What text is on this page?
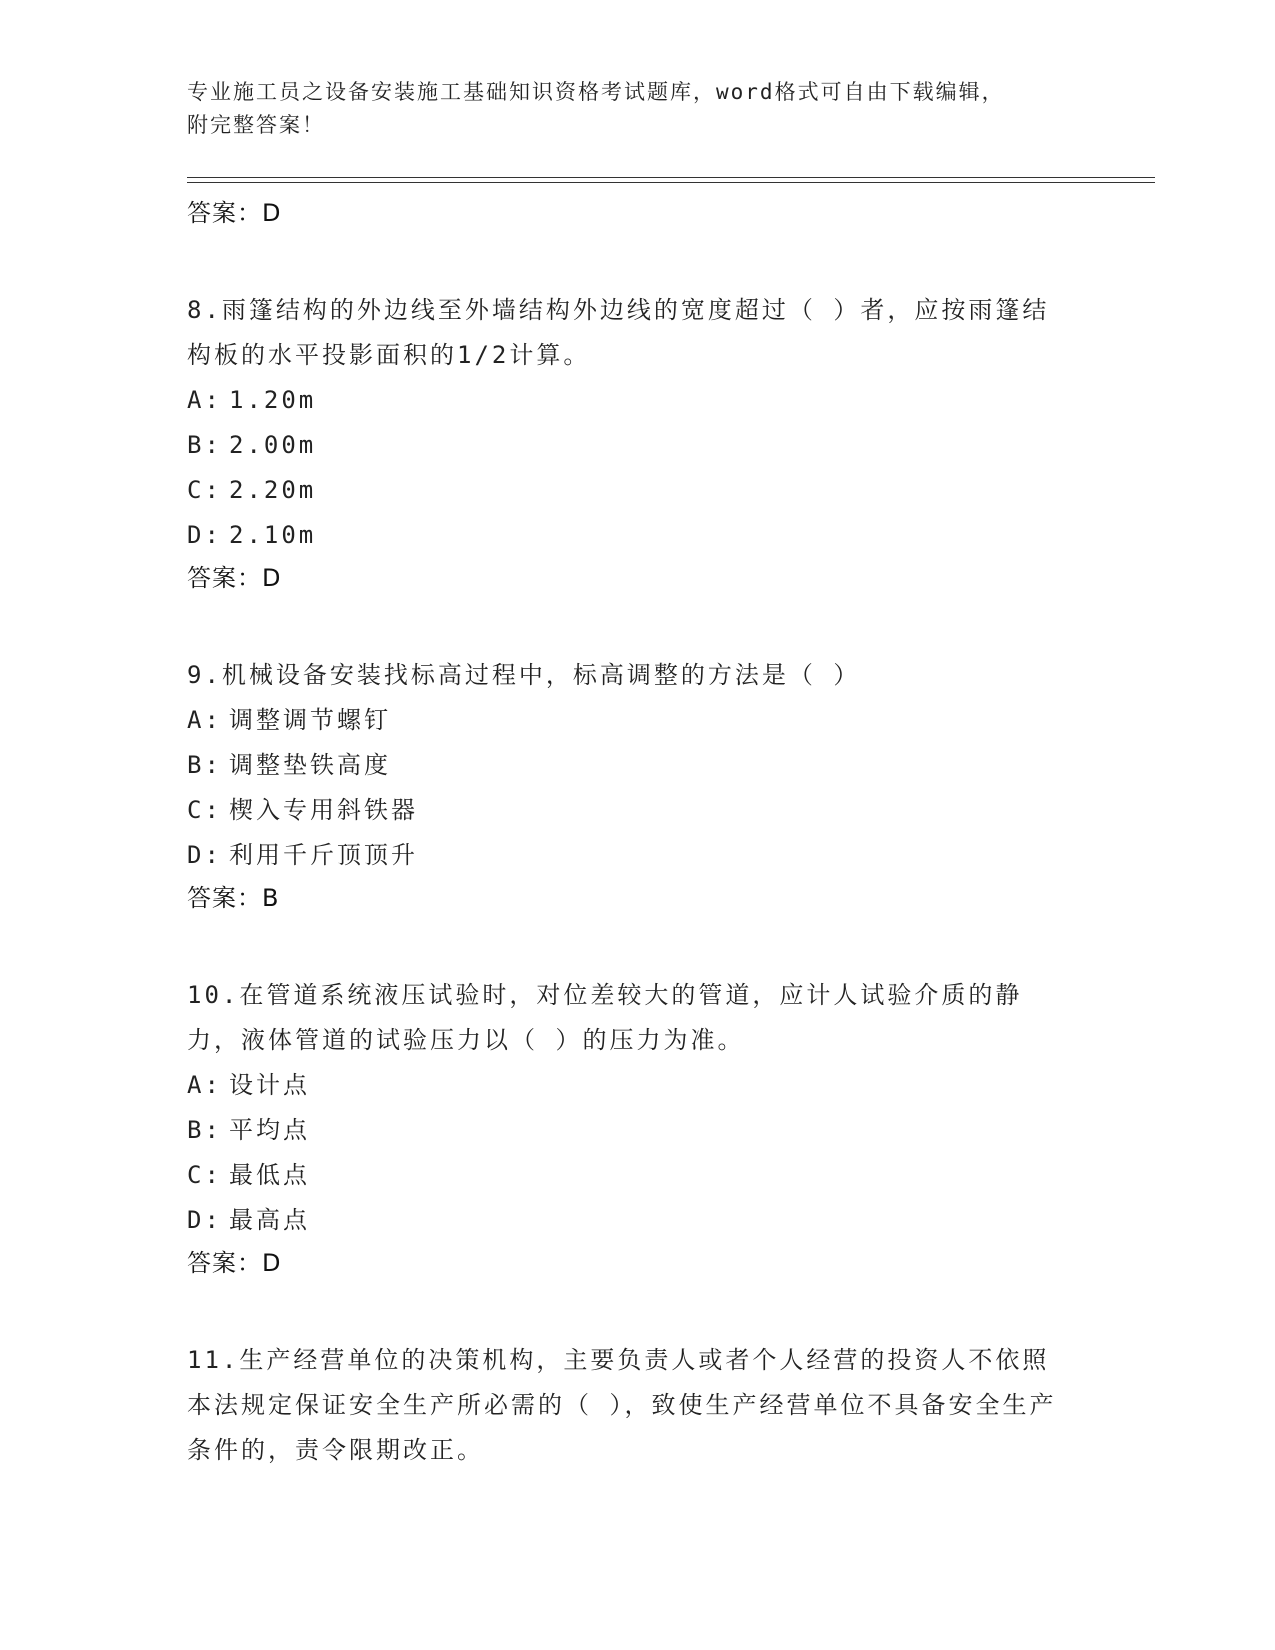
专业施工员之设备安装施工基础知识资格考试题库，word格式可自由下载编辑，
附完整答案！
答案：D
8.雨篷结构的外边线至外墙结构外边线的宽度超过（ ）者，应按雨篷结构板的水平投影面积的1/2计算。
A: 1.20m
B: 2.00m
C: 2.20m
D: 2.10m
答案：D
9.机械设备安装找标高过程中，标高调整的方法是（ ）
A: 调整调节螺钉
B: 调整垫铁高度
C: 楔入专用斜铁器
D: 利用千斤顶顶升
答案：B
10.在管道系统液压试验时，对位差较大的管道，应计人试验介质的静力，液体管道的试验压力以（ ）的压力为准。
A: 设计点
B: 平均点
C: 最低点
D: 最高点
答案：D
11.生产经营单位的决策机构，主要负责人或者个人经营的投资人不依照本法规定保证安全生产所必需的（ ），致使生产经营单位不具备安全生产条件的，责令限期改正。
